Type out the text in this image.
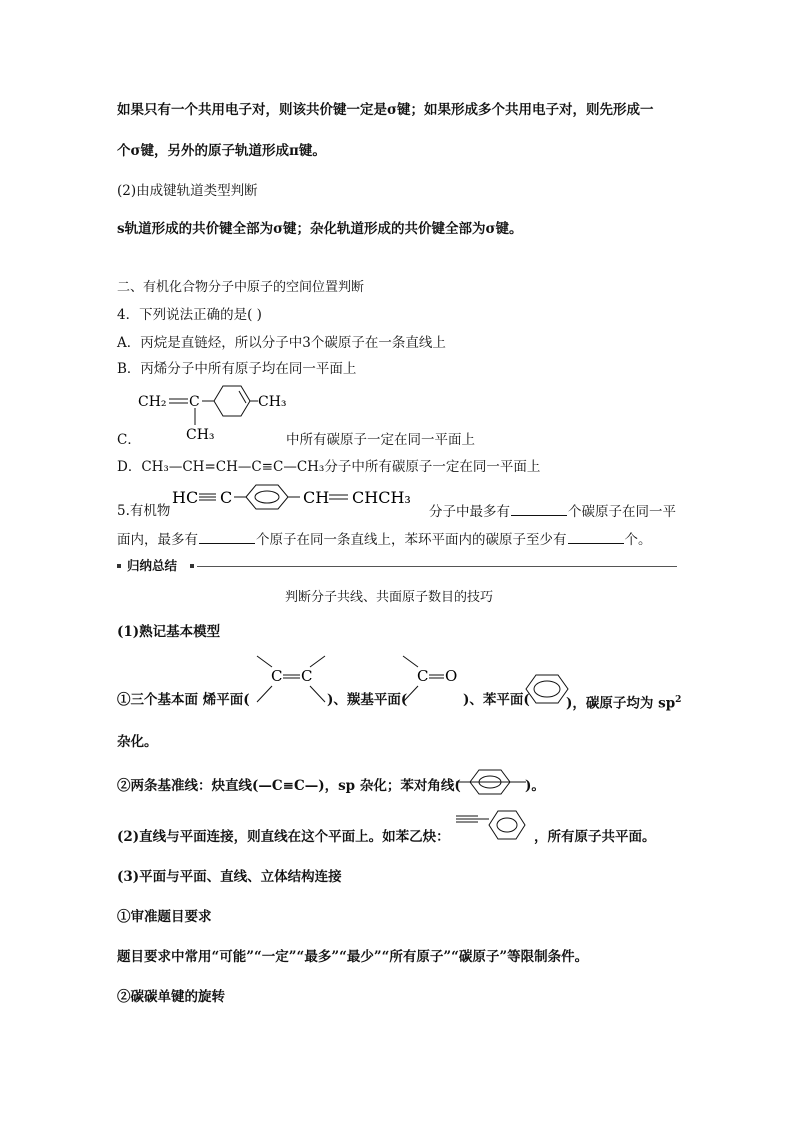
如果只有一个共用电子对，则该共价键一定是σ键；如果形成多个共用电子对，则先形成一
个σ键，另外的原子轨道形成π键。
(2)由成键轨道类型判断
s轨道形成的共价键全部为σ键；杂化轨道形成的共价键全部为σ键。
二、有机化合物分子中原子的空间位置判断
4．下列说法正确的是( )
A．丙烷是直链烃，所以分子中3个碳原子在一条直线上
B．丙烯分子中所有原子均在同一平面上
CH₂ C
CH₃
CH₃
C．	中所有碳原子一定在同一平面上
D．CH₃—CH=CH—C≡C—CH₃分子中所有碳原子一定在同一平面上
5.有机物
HC C	CH CHCH₃
分子中最多有	个碳原子在同一平
面内，最多有	个原子在同一条直线上，苯环平面内的碳原子至少有	个。
归纳总结
判断分子共线、共面原子数目的技巧
(1)熟记基本模型
①三个基本面 烯平面(
C C
)、羰基平面(
C O
)、苯平面(	)，碳原子均为 $sp^2$
杂化。
②两条基准线：炔直线(—C≡C—)，sp 杂化；苯对角线(	)。
(2)直线与平面连接，则直线在这个平面上。如苯乙炔：	，所有原子共平面。
(3)平面与平面、直线、立体结构连接
①审准题目要求
题目要求中常用“可能”“一定”“最多”“最少”“所有原子”“碳原子”等限制条件。
②碳碳单键的旋转
